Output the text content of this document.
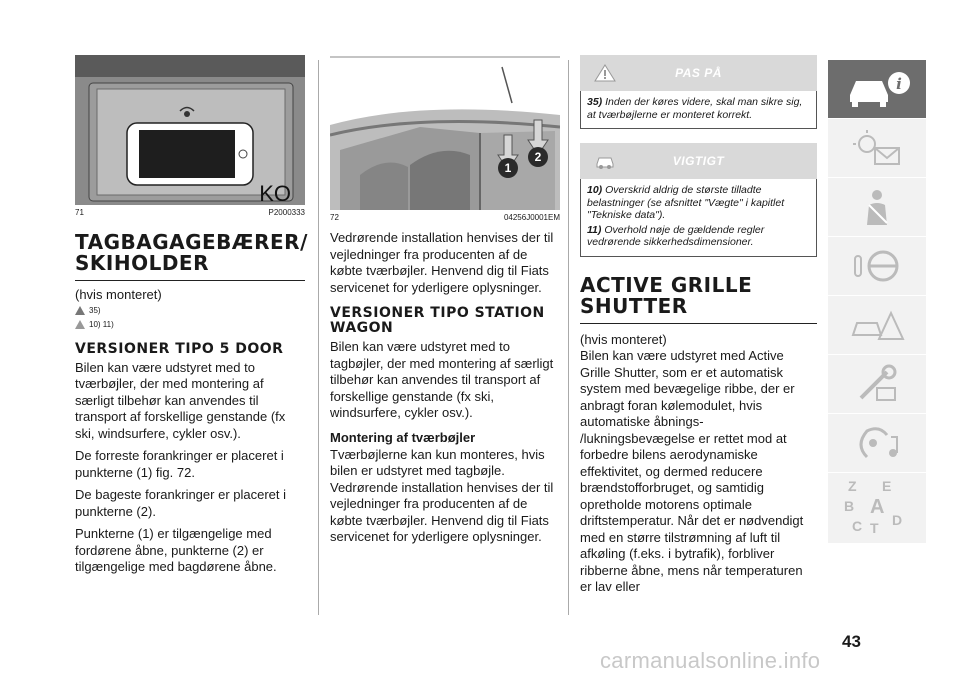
KO
71	P2000333
TAGBAGAGEBÆRER/ SKIHOLDER

(hvis monteret)

35)
10) 11)
VERSIONER TIPO 5 DOOR

Bilen kan være udstyret med to tværbøjler, der med montering af særligt tilbehør kan anvendes til transport af forskellige genstande (fx ski, windsurfere, cykler osv.).

De forreste forankringer er placeret i punkterne (1) fig. 72.

De bageste forankringer er placeret i punkterne (2).

Punkterne (1) er tilgængelige med fordørene åbne, punkterne (2) er tilgængelige med bagdørene åbne.

1
2
72	04256J0001EM

Vedrørende installation henvises der til vejledninger fra producenten af de købte tværbøjler. Henvend dig til Fiats servicenet for yderligere oplysninger.

VERSIONER TIPO STATION WAGON

Bilen kan være udstyret med to tagbøjler, der med montering af særligt tilbehør kan anvendes til transport af forskellige genstande (fx ski, windsurfere, cykler osv.).

Montering af tværbøjler

Tværbøjlerne kan kun monteres, hvis bilen er udstyret med tagbøjle. Vedrørende installation henvises der til vejledninger fra producenten af de købte tværbøjler. Henvend dig til Fiats servicenet for yderligere oplysninger.

PAS PÅ
35) Inden der køres videre, skal man sikre sig, at tværbøjlerne er monteret korrekt.
VIGTIGT
10) Overskrid aldrig de største tilladte belastninger (se afsnittet "Vægte" i kapitlet "Tekniske data").
11) Overhold nøje de gældende regler vedrørende sikkerhedsdimensioner.
ACTIVE GRILLE SHUTTER

(hvis monteret)

Bilen kan være udstyret med Active Grille Shutter, som er et automatisk system med bevægelige ribbe, der er anbragt foran kølemodulet, hvis automatiske åbnings- /lukningsbevægelse er rettet mod at forbedre bilens aerodynamiske effektivitet, og dermed reducere brændstofforbruget, og samtidig opretholde motorens optimale driftstemperatur. Når det er nødvendigt med en større tilstrømning af luft til afkøling (f.eks. i bytrafik), forbliver ribberne åbne, mens når temperaturen er lav eller

i
Z E
B A
C T D
43
carmanualsonline.info
